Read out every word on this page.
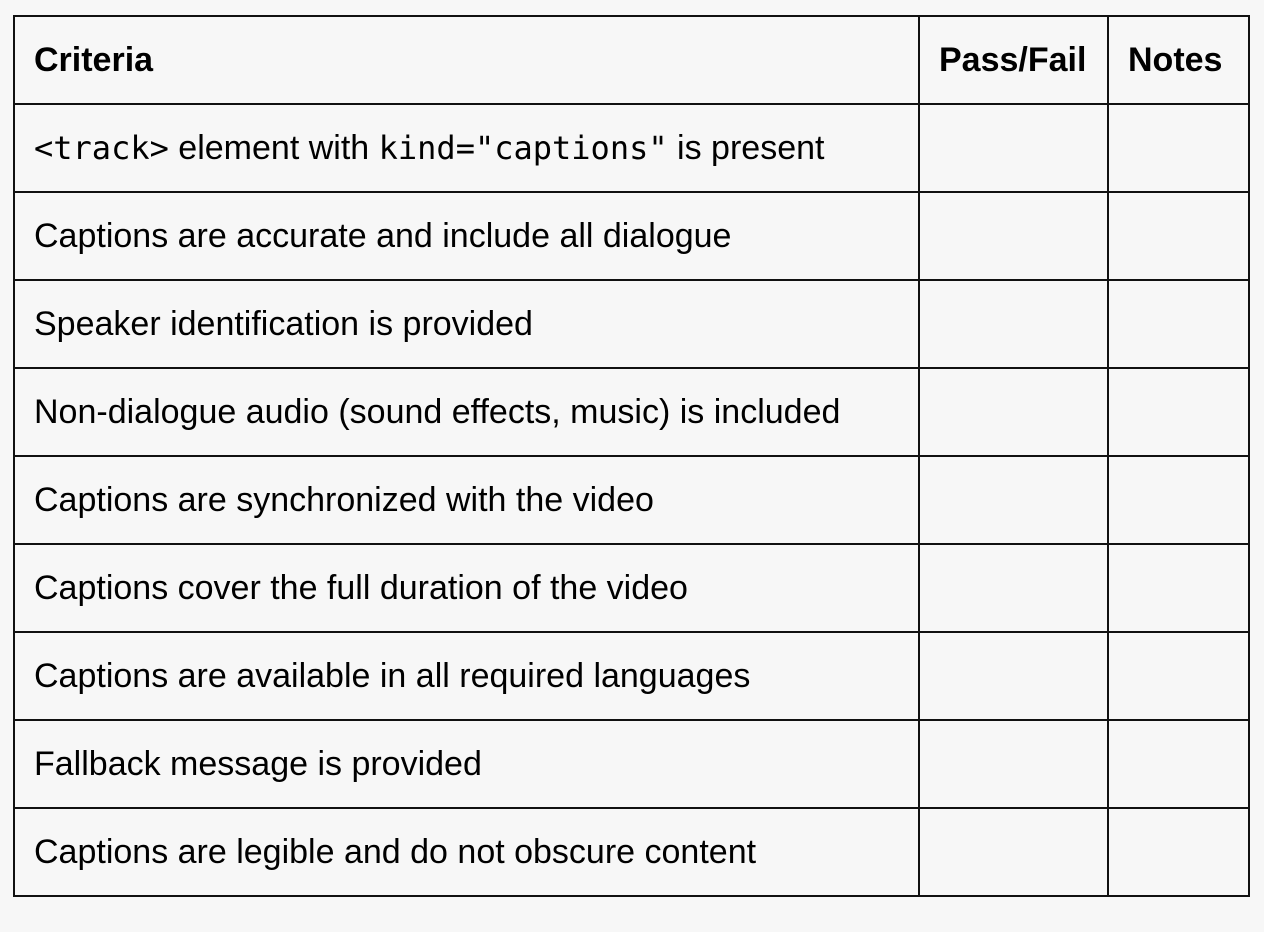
Criteria	Pass/Fail	Notes
<track> element with kind="captions" is present		
Captions are accurate and include all dialogue		
Speaker identification is provided		
Non-dialogue audio (sound effects, music) is included		
Captions are synchronized with the video		
Captions cover the full duration of the video		
Captions are available in all required languages		
Fallback message is provided		
Captions are legible and do not obscure content		
